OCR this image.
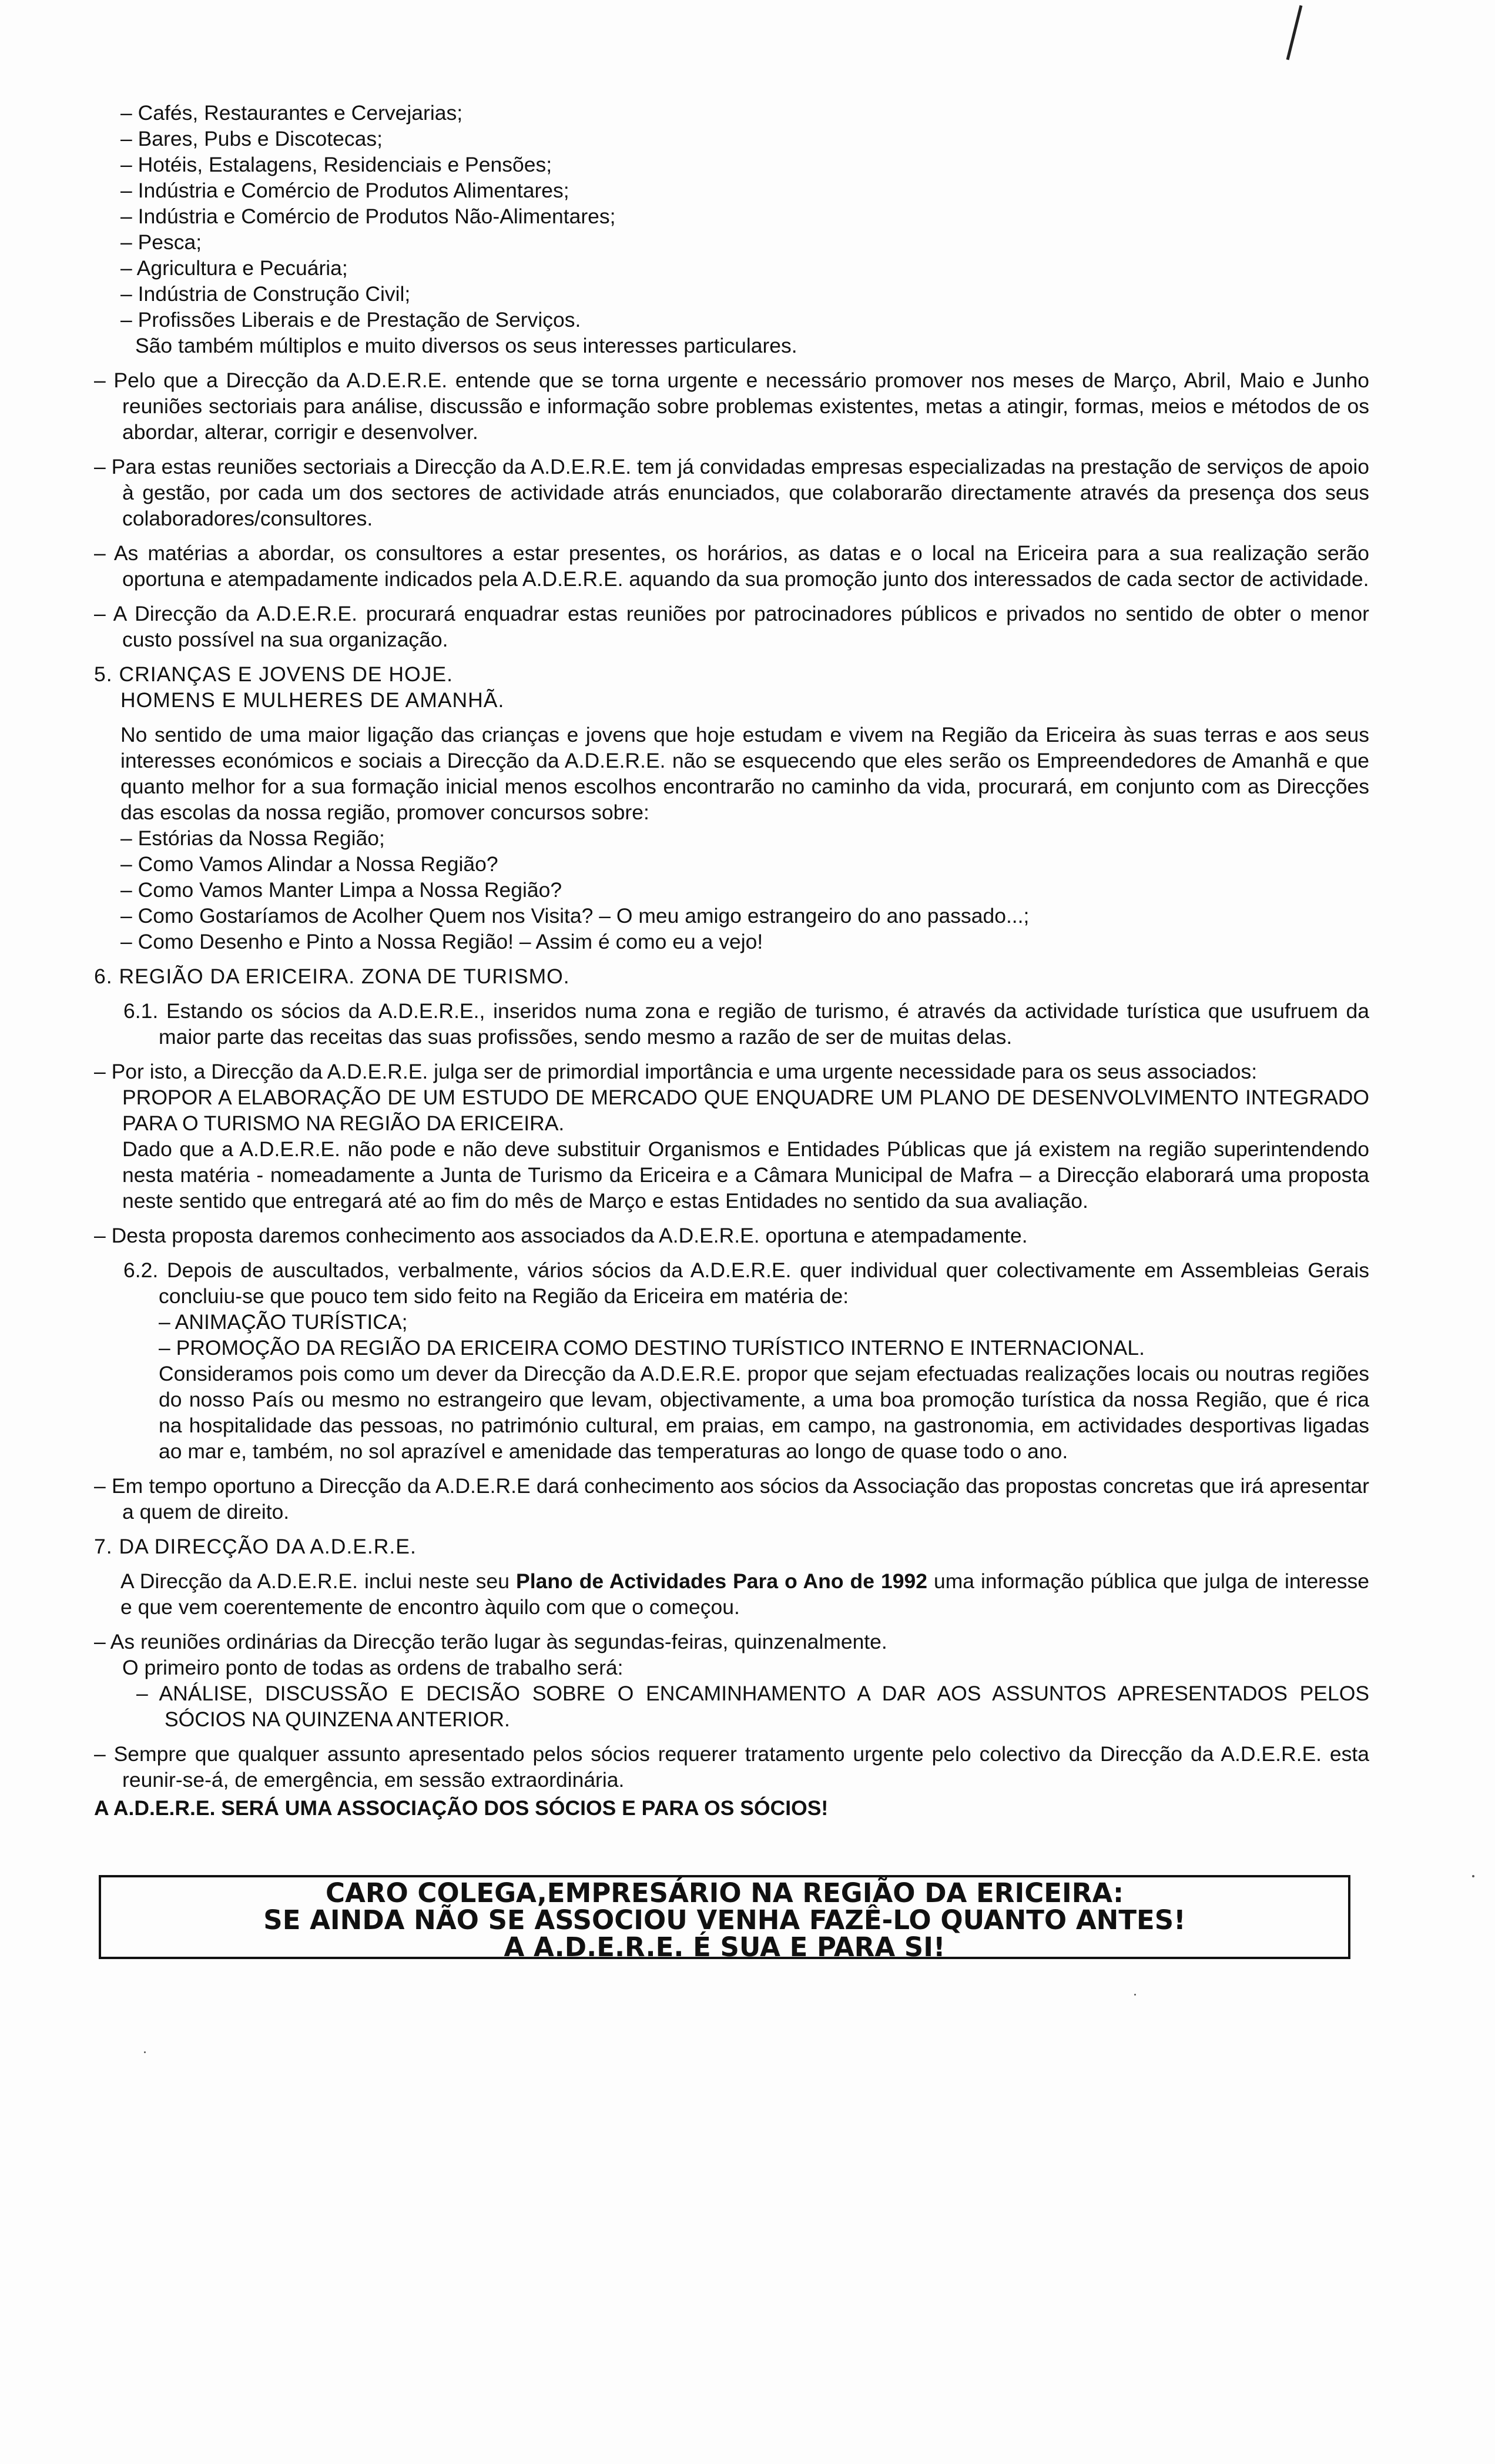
– Cafés, Restaurantes e Cervejarias;

– Bares, Pubs e Discotecas;

– Hotéis, Estalagens, Residenciais e Pensões;

– Indústria e Comércio de Produtos Alimentares;

– Indústria e Comércio de Produtos Não-Alimentares;

– Pesca;

– Agricultura e Pecuária;

– Indústria de Construção Civil;

– Profissões Liberais e de Prestação de Serviços.

São também múltiplos e muito diversos os seus interesses particulares.

– Pelo que a Direcção da A.D.E.R.E. entende que se torna urgente e necessário promover nos meses de Março, Abril, Maio e Junho reuniões sectoriais para análise, discussão e informação sobre problemas existentes, metas a atingir, formas, meios e métodos de os abordar, alterar, corrigir e desenvolver.

– Para estas reuniões sectoriais a Direcção da A.D.E.R.E. tem já convidadas empresas especializadas na prestação de serviços de apoio à gestão, por cada um dos sectores de actividade atrás enunciados, que colaborarão directamente através da presença dos seus colaboradores/consultores.

– As matérias a abordar, os consultores a estar presentes, os horários, as datas e o local na Ericeira para a sua realização serão oportuna e atempadamente indicados pela A.D.E.R.E. aquando da sua promoção junto dos interessados de cada sector de actividade.

– A Direcção da A.D.E.R.E. procurará enquadrar estas reuniões por patrocinadores públicos e privados no sentido de obter o menor custo possível na sua organização.

5. CRIANÇAS E JOVENS DE HOJE.

HOMENS E MULHERES DE AMANHÃ.

No sentido de uma maior ligação das crianças e jovens que hoje estudam e vivem na Região da Ericeira às suas terras e aos seus interesses económicos e sociais a Direcção da A.D.E.R.E. não se esquecendo que eles serão os Empreendedores de Amanhã e que quanto melhor for a sua formação inicial menos escolhos encontrarão no caminho da vida, procurará, em conjunto com as Direcções das escolas da nossa região, promover concursos sobre:

– Estórias da Nossa Região;

– Como Vamos Alindar a Nossa Região?

– Como Vamos Manter Limpa a Nossa Região?

– Como Gostaríamos de Acolher Quem nos Visita? – O meu amigo estrangeiro do ano passado...;

– Como Desenho e Pinto a Nossa Região! – Assim é como eu a vejo!

6. REGIÃO DA ERICEIRA. ZONA DE TURISMO.

6.1. Estando os sócios da A.D.E.R.E., inseridos numa zona e região de turismo, é através da actividade turística que usufruem da maior parte das receitas das suas profissões, sendo mesmo a razão de ser de muitas delas.

– Por isto, a Direcção da A.D.E.R.E. julga ser de primordial importância e uma urgente necessidade para os seus associados:

PROPOR A ELABORAÇÃO DE UM ESTUDO DE MERCADO QUE ENQUADRE UM PLANO DE DESENVOLVIMENTO INTEGRADO PARA O TURISMO NA REGIÃO DA ERICEIRA.

Dado que a A.D.E.R.E. não pode e não deve substituir Organismos e Entidades Públicas que já existem na região superintendendo nesta matéria - nomeadamente a Junta de Turismo da Ericeira e a Câmara Municipal de Mafra – a Direcção elaborará uma proposta neste sentido que entregará até ao fim do mês de Março e estas Entidades no sentido da sua avaliação.

– Desta proposta daremos conhecimento aos associados da A.D.E.R.E. oportuna e atempadamente.

6.2. Depois de auscultados, verbalmente, vários sócios da A.D.E.R.E. quer individual quer colectivamente em Assembleias Gerais concluiu-se que pouco tem sido feito na Região da Ericeira em matéria de:

– ANIMAÇÃO TURÍSTICA;

– PROMOÇÃO DA REGIÃO DA ERICEIRA COMO DESTINO TURÍSTICO INTERNO E INTERNACIONAL.

Consideramos pois como um dever da Direcção da A.D.E.R.E. propor que sejam efectuadas realizações locais ou noutras regiões do nosso País ou mesmo no estrangeiro que levam, objectivamente, a uma boa promoção turística da nossa Região, que é rica na hospitalidade das pessoas, no património cultural, em praias, em campo, na gastronomia, em actividades desportivas ligadas ao mar e, também, no sol aprazível e amenidade das temperaturas ao longo de quase todo o ano.

– Em tempo oportuno a Direcção da A.D.E.R.E dará conhecimento aos sócios da Associação das propostas concretas que irá apresentar a quem de direito.

7. DA DIRECÇÃO DA A.D.E.R.E.

A Direcção da A.D.E.R.E. inclui neste seu Plano de Actividades Para o Ano de 1992 uma informação pública que julga de interesse e que vem coerentemente de encontro àquilo com que o começou.

– As reuniões ordinárias da Direcção terão lugar às segundas-feiras, quinzenalmente.

O primeiro ponto de todas as ordens de trabalho será:

– ANÁLISE, DISCUSSÃO E DECISÃO SOBRE O ENCAMINHAMENTO A DAR AOS ASSUNTOS APRESENTADOS PELOS SÓCIOS NA QUINZENA ANTERIOR.

– Sempre que qualquer assunto apresentado pelos sócios requerer tratamento urgente pelo colectivo da Direcção da A.D.E.R.E. esta reunir-se-á, de emergência, em sessão extraordinária.

A A.D.E.R.E. SERÁ UMA ASSOCIAÇÃO DOS SÓCIOS E PARA OS SÓCIOS!

CARO COLEGA,EMPRESÁRIO NA REGIÃO DA ERICEIRA:
SE AINDA NÃO SE ASSOCIOU VENHA FAZÊ-LO QUANTO ANTES!
A A.D.E.R.E. É SUA E PARA SI!
